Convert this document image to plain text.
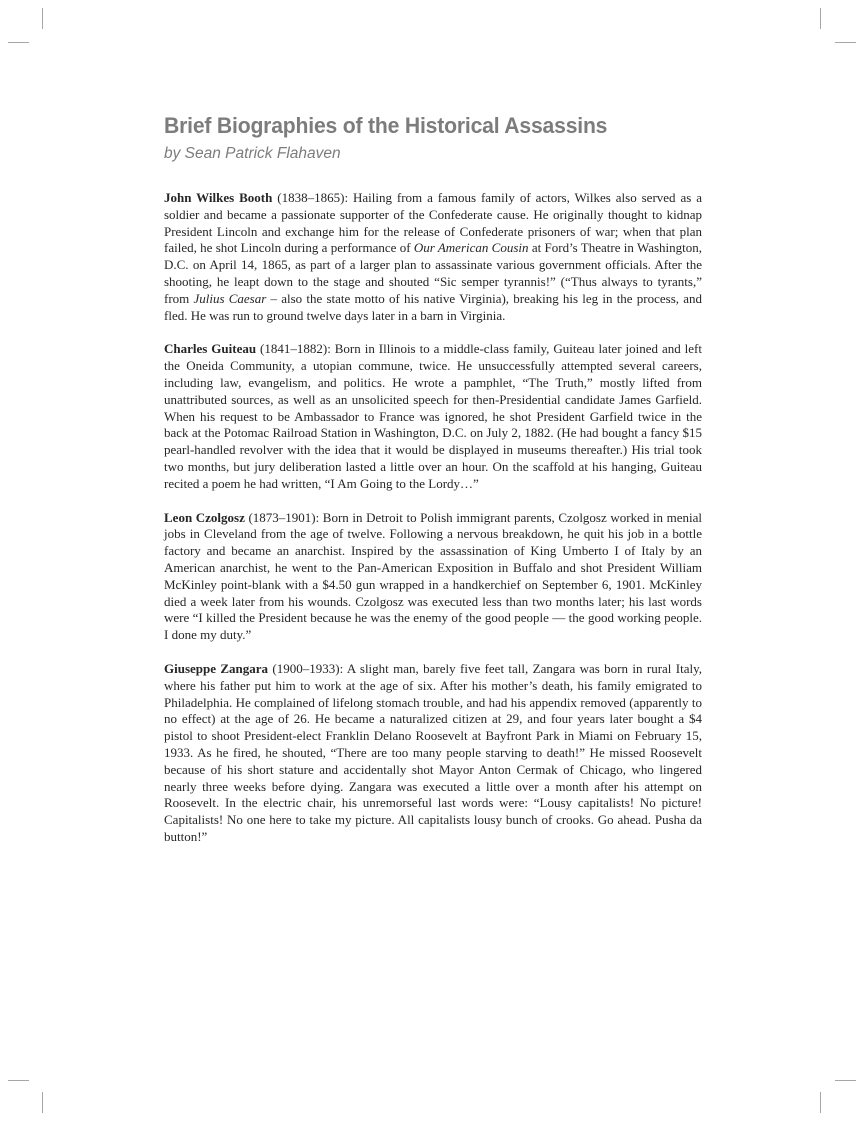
Brief Biographies of the Historical Assassins
by Sean Patrick Flahaven

John Wilkes Booth (1838–1865): Hailing from a famous family of actors, Wilkes also served as a soldier and became a passionate supporter of the Confederate cause. He originally thought to kidnap President Lincoln and exchange him for the release of Confederate prisoners of war; when that plan failed, he shot Lincoln during a performance of Our American Cousin at Ford’s Theatre in Washington, D.C. on April 14, 1865, as part of a larger plan to assassinate various government officials. After the shooting, he leapt down to the stage and shouted “Sic semper tyrannis!” (“Thus always to tyrants,” from Julius Caesar – also the state motto of his native Virginia), breaking his leg in the process, and fled. He was run to ground twelve days later in a barn in Virginia.

Charles Guiteau (1841–1882): Born in Illinois to a middle-class family, Guiteau later joined and left the Oneida Community, a utopian commune, twice. He unsuccessfully attempted several careers, including law, evangelism, and politics. He wrote a pamphlet, “The Truth,” mostly lifted from unattributed sources, as well as an unsolicited speech for then-Presidential candidate James Garfield. When his request to be Ambassador to France was ignored, he shot President Garfield twice in the back at the Potomac Railroad Station in Washington, D.C. on July 2, 1882. (He had bought a fancy $15 pearl-handled revolver with the idea that it would be displayed in museums thereafter.) His trial took two months, but jury deliberation lasted a little over an hour. On the scaffold at his hanging, Guiteau recited a poem he had written, “I Am Going to the Lordy…”

Leon Czolgosz (1873–1901): Born in Detroit to Polish immigrant parents, Czolgosz worked in menial jobs in Cleveland from the age of twelve. Following a nervous breakdown, he quit his job in a bottle factory and became an anarchist. Inspired by the assassination of King Umberto I of Italy by an American anarchist, he went to the Pan-American Exposition in Buffalo and shot President William McKinley point-blank with a $4.50 gun wrapped in a handkerchief on September 6, 1901. McKinley died a week later from his wounds. Czolgosz was executed less than two months later; his last words were “I killed the President because he was the enemy of the good people — the good working people. I done my duty.”

Giuseppe Zangara (1900–1933): A slight man, barely five feet tall, Zangara was born in rural Italy, where his father put him to work at the age of six. After his mother’s death, his family emigrated to Philadelphia. He complained of lifelong stomach trouble, and had his appendix removed (apparently to no effect) at the age of 26. He became a naturalized citizen at 29, and four years later bought a $4 pistol to shoot President-elect Franklin Delano Roosevelt at Bayfront Park in Miami on February 15, 1933. As he fired, he shouted, “There are too many people starving to death!” He missed Roosevelt because of his short stature and accidentally shot Mayor Anton Cermak of Chicago, who lingered nearly three weeks before dying. Zangara was executed a little over a month after his attempt on Roosevelt. In the electric chair, his unremorseful last words were: “Lousy capitalists! No picture! Capitalists! No one here to take my picture. All capitalists lousy bunch of crooks. Go ahead. Pusha da button!”
